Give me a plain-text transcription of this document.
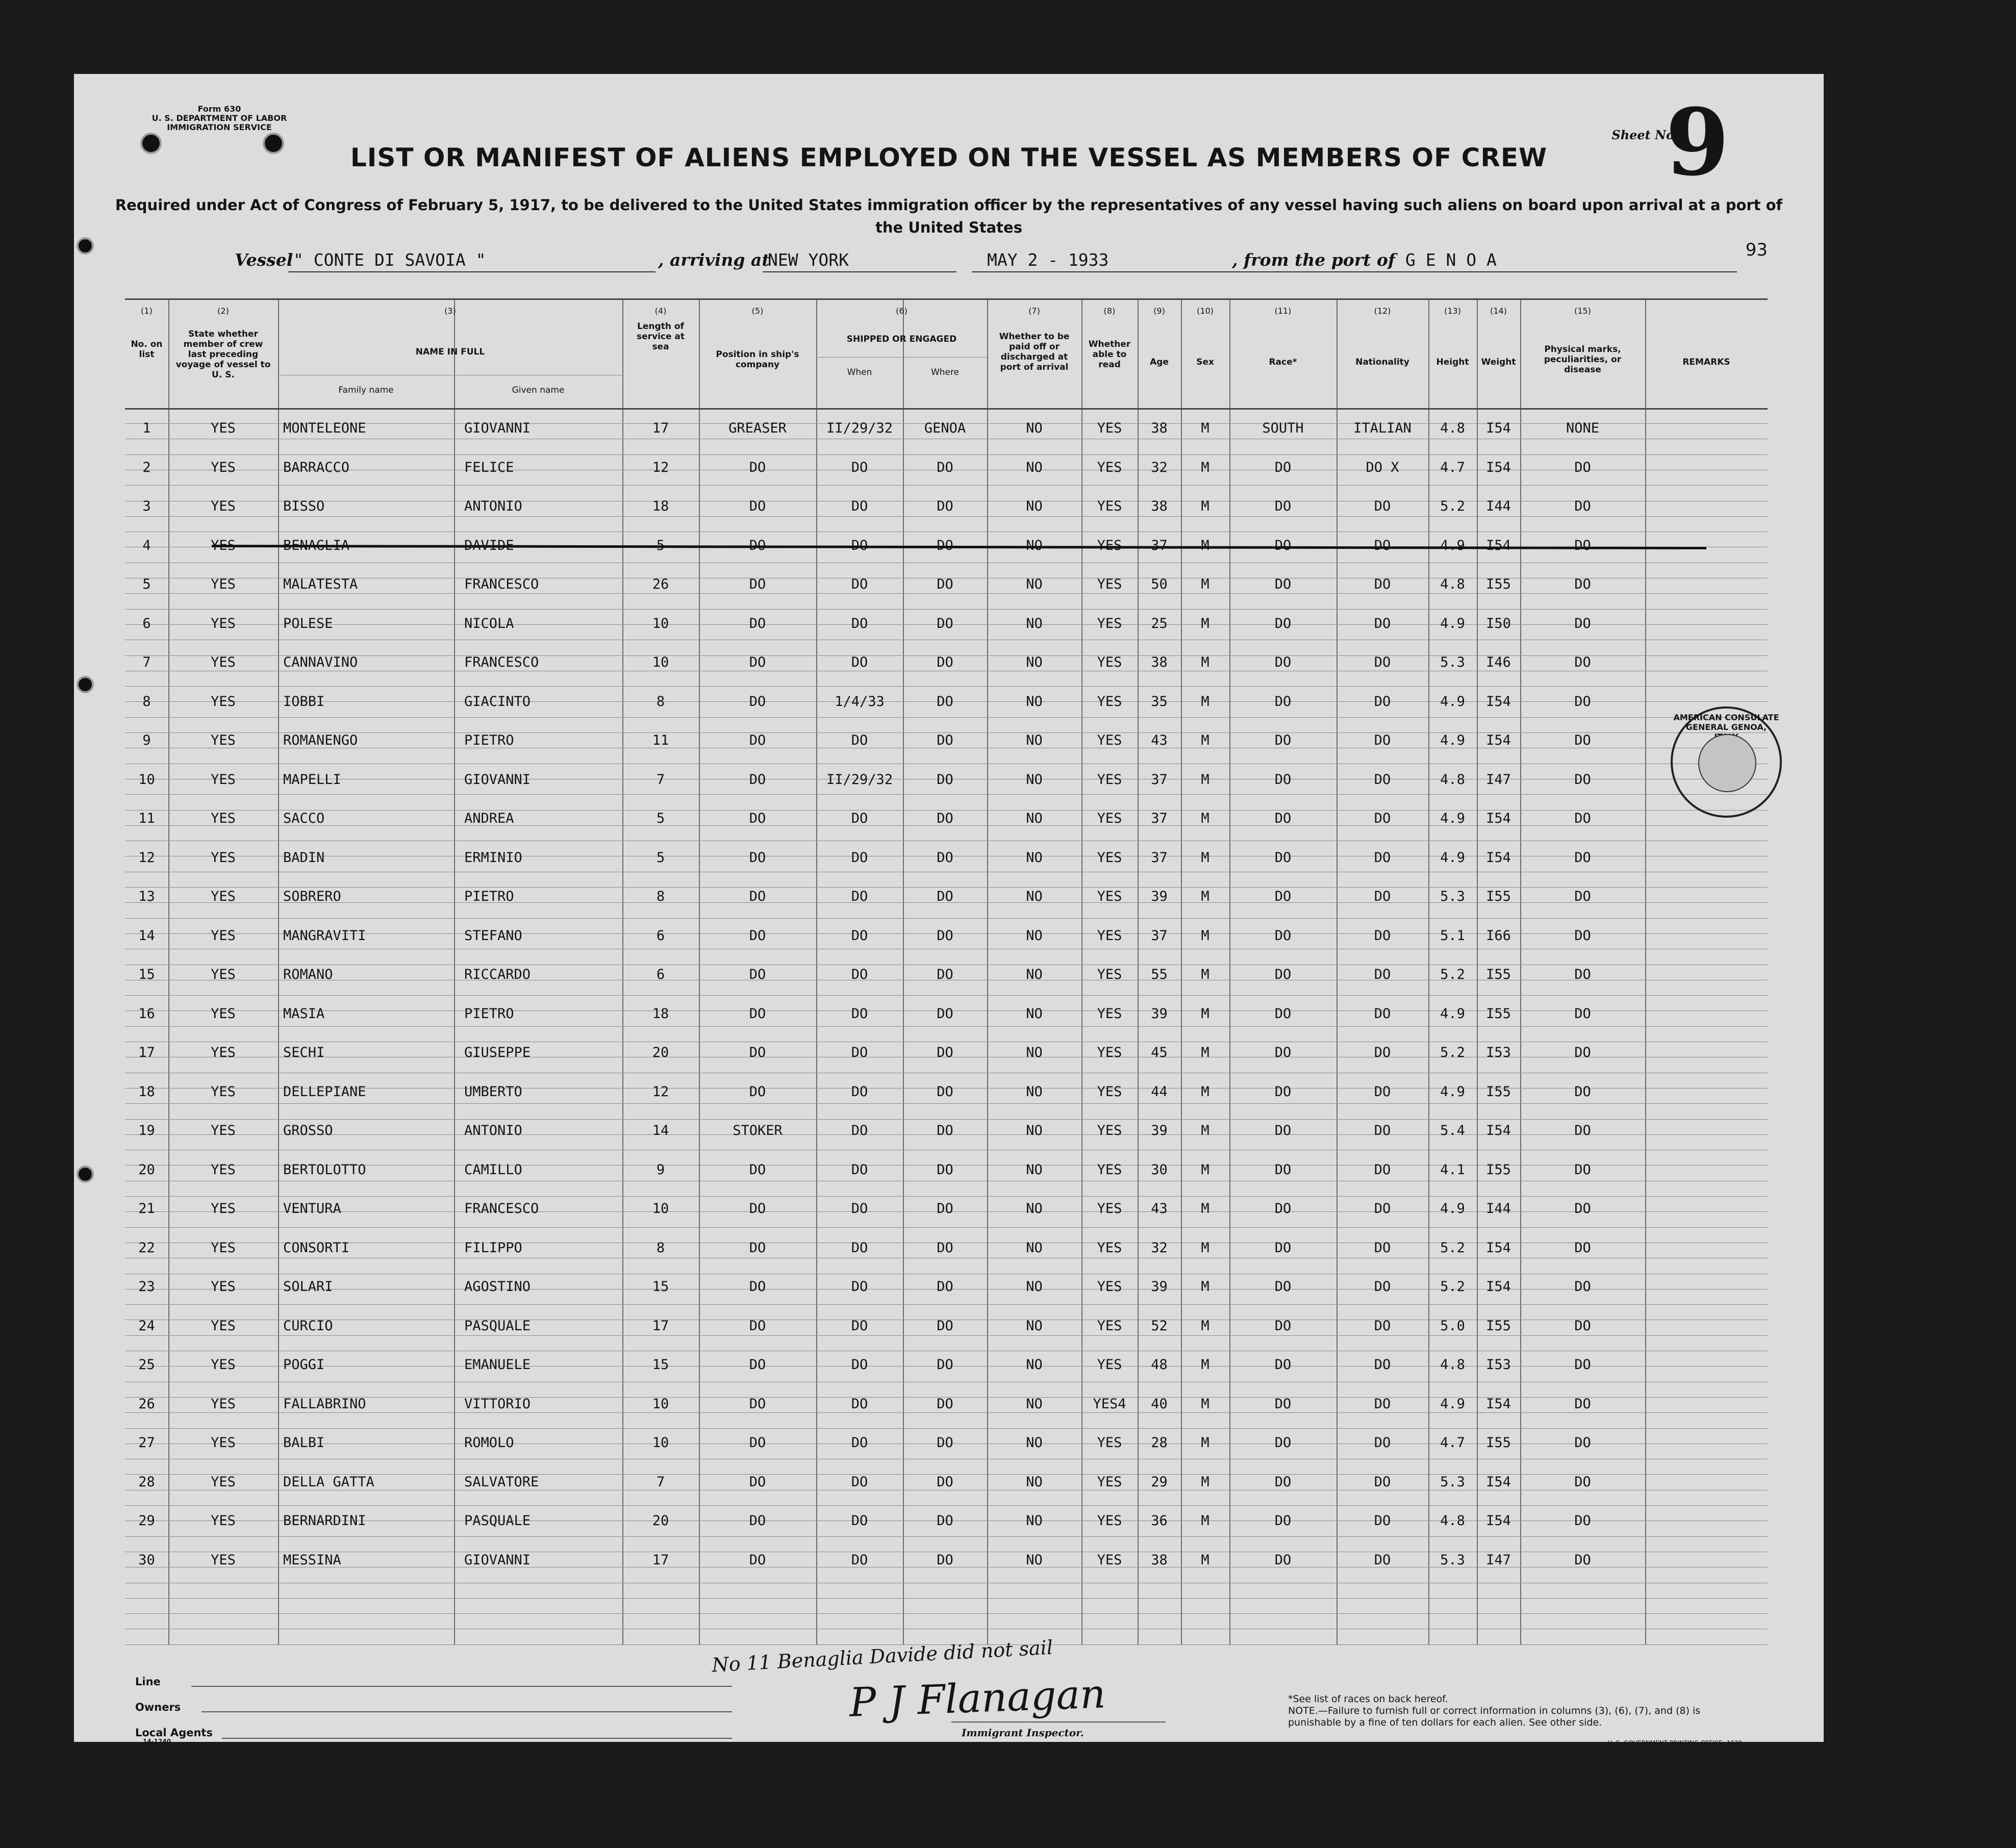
Form 630
U. S. DEPARTMENT OF LABOR
IMMIGRATION SERVICE
Sheet No.
9
LIST OR MANIFEST OF ALIENS EMPLOYED ON THE VESSEL AS MEMBERS OF CREW
Required under Act of Congress of February 5, 1917, to be delivered to the United States immigration officer by the representatives of any vessel having such aliens on board upon arrival at a port of the United States
93
Vessel " CONTE DI SAVOIA "	, arriving at
NEW YORK	MAY 2 - 1933	, from the port of G E N O A
(1)	(2)	(3)	(4)	(5)	(6)	(7)	(8)	(9)	(10)	(11)	(12)	(13)	(14)	(15)
No. on list
State whether member of crew last preceding voyage of vessel to U. S.
NAME IN FULL
Family name	Given name
Length of service at sea
Position in ship's company
SHIPPED OR ENGAGED
When	Where
Whether to be paid off or discharged at port of arrival
Whether able to read	Age	Sex	Race*	Nationality	Height	Weight
Physical marks, peculiarities, or disease
REMARKS
1	YES	MONTELEONE	GIOVANNI	17	GREASER	II/29/32	GENOA	NO	YES	38	M	SOUTH	ITALIAN	4.8	I54	NONE
2	YES	BARRACCO	FELICE	12	DO	DO	DO	NO	YES	32	M	DO	DO X	4.7	I54	DO
3	YES	BISSO	ANTONIO	18	DO	DO	DO	NO	YES	38	M	DO	DO	5.2	I44	DO
4	YES	BENAGLIA	DAVIDE	5	DO	DO	DO	NO	YES	37	M	DO	DO	4.9	I54	DO
5	YES	MALATESTA	FRANCESCO	26	DO	DO	DO	NO	YES	50	M	DO	DO	4.8	I55	DO
6	YES	POLESE	NICOLA	10	DO	DO	DO	NO	YES	25	M	DO	DO	4.9	I50	DO
7	YES	CANNAVINO	FRANCESCO	10	DO	DO	DO	NO	YES	38	M	DO	DO	5.3	I46	DO
8	YES	IOBBI	GIACINTO	8	DO	1/4/33	DO	NO	YES	35	M	DO	DO	4.9	I54	DO
9	YES	ROMANENGO	PIETRO	11	DO	DO	DO	NO	YES	43	M	DO	DO	4.9	I54	DO
10	YES	MAPELLI	GIOVANNI	7	DO	II/29/32	DO	NO	YES	37	M	DO	DO	4.8	I47	DO
11	YES	SACCO	ANDREA	5	DO	DO	DO	NO	YES	37	M	DO	DO	4.9	I54	DO
12	YES	BADIN	ERMINIO	5	DO	DO	DO	NO	YES	37	M	DO	DO	4.9	I54	DO
13	YES	SOBRERO	PIETRO	8	DO	DO	DO	NO	YES	39	M	DO	DO	5.3	I55	DO
14	YES	MANGRAVITI	STEFANO	6	DO	DO	DO	NO	YES	37	M	DO	DO	5.1	I66	DO
15	YES	ROMANO	RICCARDO	6	DO	DO	DO	NO	YES	55	M	DO	DO	5.2	I55	DO
16	YES	MASIA	PIETRO	18	DO	DO	DO	NO	YES	39	M	DO	DO	4.9	I55	DO
17	YES	SECHI	GIUSEPPE	20	DO	DO	DO	NO	YES	45	M	DO	DO	5.2	I53	DO
18	YES	DELLEPIANE	UMBERTO	12	DO	DO	DO	NO	YES	44	M	DO	DO	4.9	I55	DO
19	YES	GROSSO	ANTONIO	14	STOKER	DO	DO	NO	YES	39	M	DO	DO	5.4	I54	DO
20	YES	BERTOLOTTO	CAMILLO	9	DO	DO	DO	NO	YES	30	M	DO	DO	4.1	I55	DO
21	YES	VENTURA	FRANCESCO	10	DO	DO	DO	NO	YES	43	M	DO	DO	4.9	I44	DO
22	YES	CONSORTI	FILIPPO	8	DO	DO	DO	NO	YES	32	M	DO	DO	5.2	I54	DO
23	YES	SOLARI	AGOSTINO	15	DO	DO	DO	NO	YES	39	M	DO	DO	5.2	I54	DO
24	YES	CURCIO	PASQUALE	17	DO	DO	DO	NO	YES	52	M	DO	DO	5.0	I55	DO
25	YES	POGGI	EMANUELE	15	DO	DO	DO	NO	YES	48	M	DO	DO	4.8	I53	DO
26	YES	FALLABRINO	VITTORIO	10	DO	DO	DO	NO	YES4	40	M	DO	DO	4.9	I54	DO
27	YES	BALBI	ROMOLO	10	DO	DO	DO	NO	YES	28	M	DO	DO	4.7	I55	DO
28	YES	DELLA GATTA	SALVATORE	7	DO	DO	DO	NO	YES	29	M	DO	DO	5.3	I54	DO
29	YES	BERNARDINI	PASQUALE	20	DO	DO	DO	NO	YES	36	M	DO	DO	4.8	I54	DO
30	YES	MESSINA	GIOVANNI	17	DO	DO	DO	NO	YES	38	M	DO	DO	5.3	I47	DO
AMERICAN CONSULATE GENERAL GENOA,
Line
Owners
Local Agents
14-1240
No 11 Benaglia Davide did not sail
P J Flanagan
Immigrant Inspector.
*See list of races on back hereof.
NOTE.—Failure to furnish full or correct information in columns (3), (6), (7), and (8) is punishable by a fine of ten dollars for each alien. See other side.
U. S. GOVERNMENT PRINTING OFFICE: 1930
